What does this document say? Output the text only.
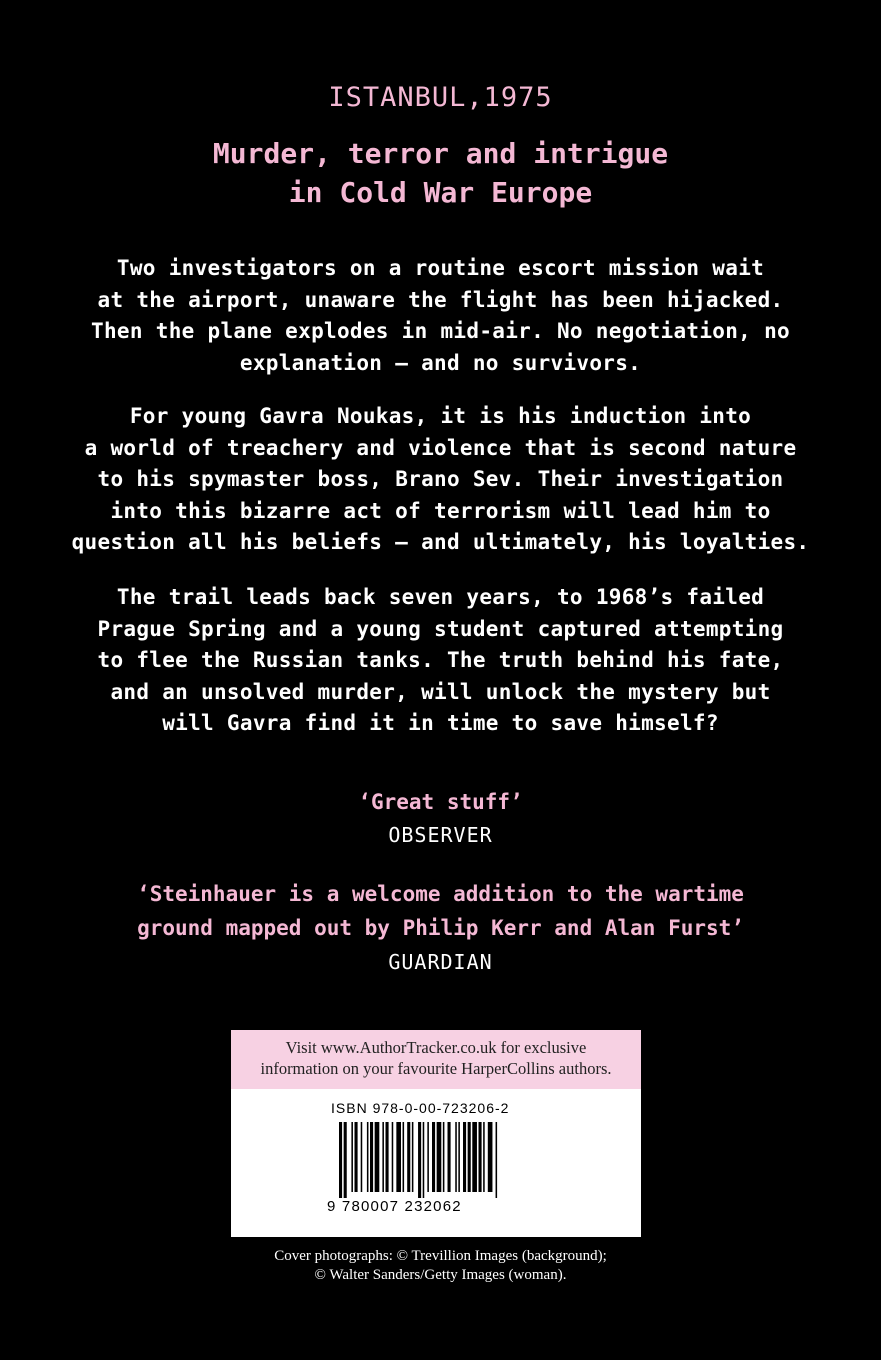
ISTANBUL,1975
Murder, terror and intrigue
in Cold War Europe
Two investigators on a routine escort mission wait
at the airport, unaware the flight has been hijacked.
Then the plane explodes in mid-air. No negotiation, no
explanation — and no survivors.
For young Gavra Noukas, it is his induction into
a world of treachery and violence that is second nature
to his spymaster boss, Brano Sev. Their investigation
into this bizarre act of terrorism will lead him to
question all his beliefs — and ultimately, his loyalties.
The trail leads back seven years, to 1968’s failed
Prague Spring and a young student captured attempting
to flee the Russian tanks. The truth behind his fate,
and an unsolved murder, will unlock the mystery but
will Gavra find it in time to save himself?
‘Great stuff’
OBSERVER
‘Steinhauer is a welcome addition to the wartime
ground mapped out by Philip Kerr and Alan Furst’
GUARDIAN
Visit www.AuthorTracker.co.uk for exclusive
information on your favourite HarperCollins authors.
ISBN 978-0-00-723206-2
9 780007 232062
Cover photographs: © Trevillion Images (background);
© Walter Sanders/Getty Images (woman).
